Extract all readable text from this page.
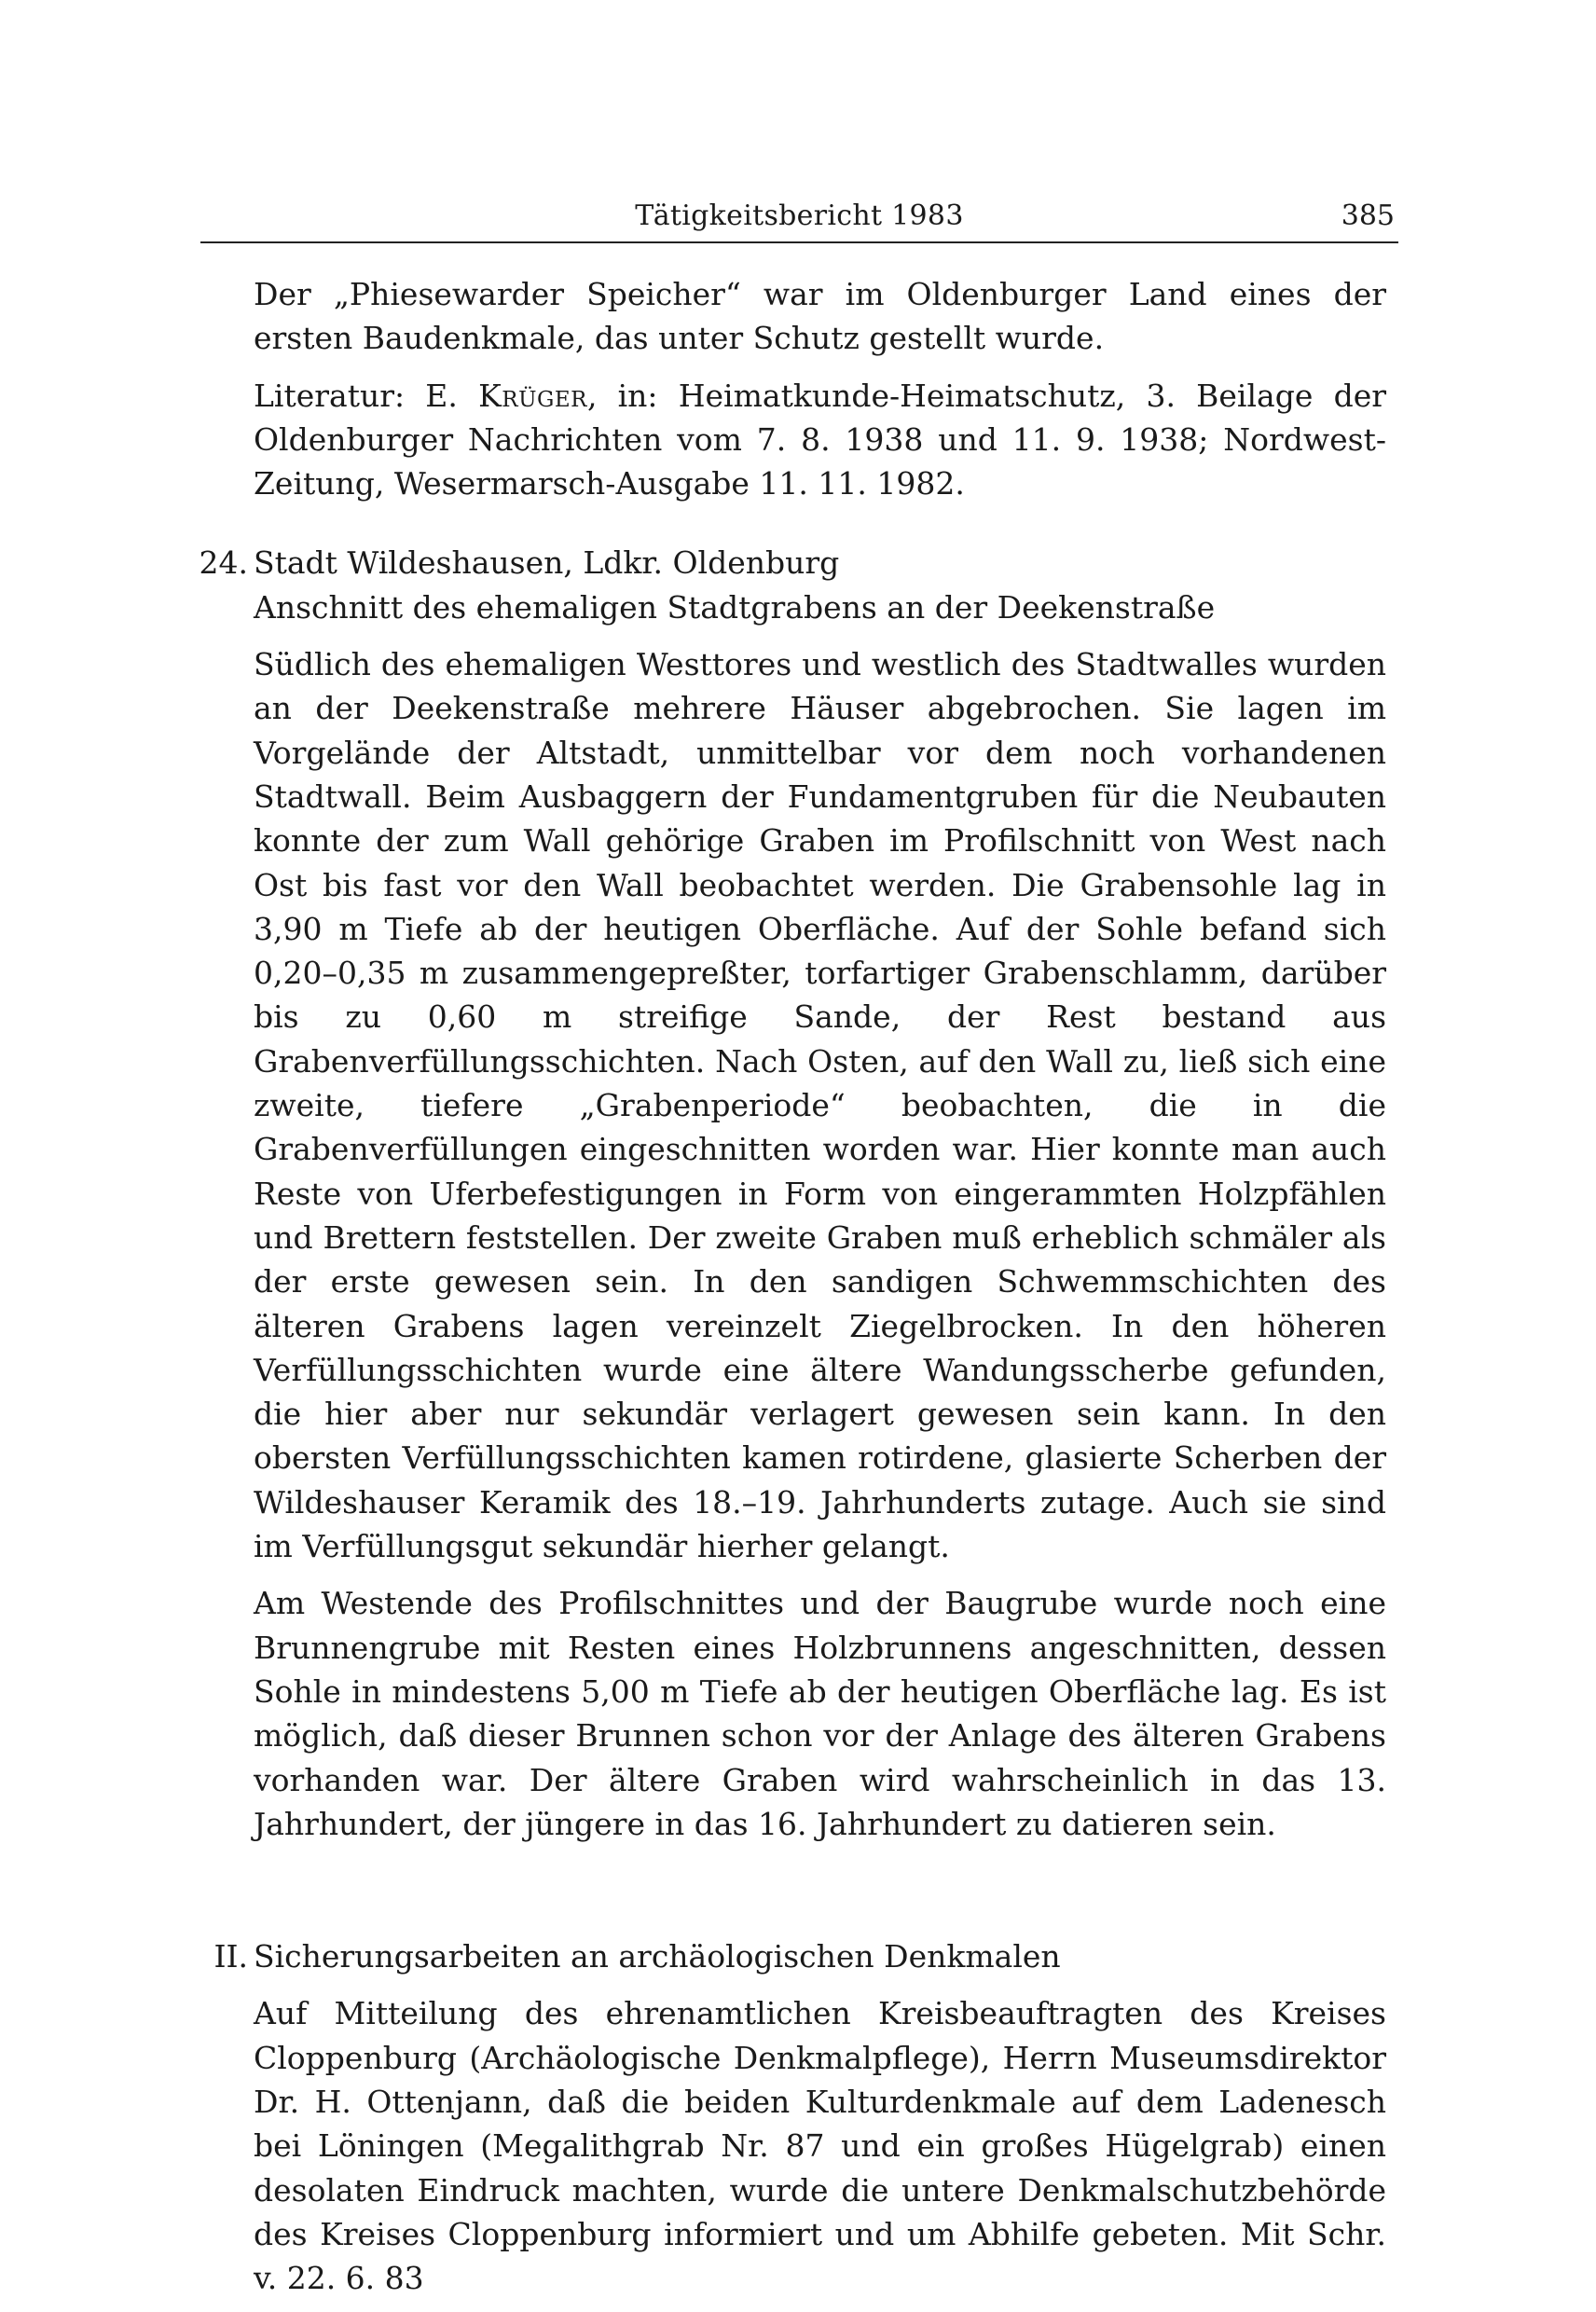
Tätigkeitsbericht 1983	385

Der „Phiesewarder Speicher“ war im Oldenburger Land eines der ersten Baudenkmale, das unter Schutz gestellt wurde.

Literatur: E. Krüger, in: Heimatkunde-Heimatschutz, 3. Beilage der Oldenburger Nachrichten vom 7. 8. 1938 und 11. 9. 1938; Nordwest-Zeitung, Wesermarsch-Ausgabe 11. 11. 1982.

24. Stadt Wildeshausen, Ldkr. Oldenburg
Anschnitt des ehemaligen Stadtgrabens an der Deekenstraße

Südlich des ehemaligen Westtores und westlich des Stadtwalles wurden an der Deekenstraße mehrere Häuser abgebrochen. Sie lagen im Vorgelände der Altstadt, unmittelbar vor dem noch vorhandenen Stadtwall. Beim Ausbaggern der Fundamentgruben für die Neubauten konnte der zum Wall gehörige Graben im Profilschnitt von West nach Ost bis fast vor den Wall beobachtet werden. Die Grabensohle lag in 3,90 m Tiefe ab der heutigen Oberfläche. Auf der Sohle befand sich 0,20–0,35 m zusammengepreßter, torfartiger Grabenschlamm, darüber bis zu 0,60 m streifige Sande, der Rest bestand aus Grabenverfüllungsschichten. Nach Osten, auf den Wall zu, ließ sich eine zweite, tiefere „Grabenperiode“ beobachten, die in die Grabenverfüllungen eingeschnitten worden war. Hier konnte man auch Reste von Uferbefestigungen in Form von eingerammten Holzpfählen und Brettern feststellen. Der zweite Graben muß erheblich schmäler als der erste gewesen sein. In den sandigen Schwemmschichten des älteren Grabens lagen vereinzelt Ziegelbrocken. In den höheren Verfüllungsschichten wurde eine ältere Wandungsscherbe gefunden, die hier aber nur sekundär verlagert gewesen sein kann. In den obersten Verfüllungsschichten kamen rotirdene, glasierte Scherben der Wildeshauser Keramik des 18.–19. Jahrhunderts zutage. Auch sie sind im Verfüllungsgut sekundär hierher gelangt.

Am Westende des Profilschnittes und der Baugrube wurde noch eine Brunnengrube mit Resten eines Holzbrunnens angeschnitten, dessen Sohle in mindestens 5,00 m Tiefe ab der heutigen Oberfläche lag. Es ist möglich, daß dieser Brunnen schon vor der Anlage des älteren Grabens vorhanden war. Der ältere Graben wird wahrscheinlich in das 13. Jahrhundert, der jüngere in das 16. Jahrhundert zu datieren sein.

II. Sicherungsarbeiten an archäologischen Denkmalen

Auf Mitteilung des ehrenamtlichen Kreisbeauftragten des Kreises Cloppenburg (Archäologische Denkmalpflege), Herrn Museumsdirektor Dr. H. Ottenjann, daß die beiden Kulturdenkmale auf dem Ladenesch bei Löningen (Megalithgrab Nr. 87 und ein großes Hügelgrab) einen desolaten Eindruck machten, wurde die untere Denkmalschutzbehörde des Kreises Cloppenburg informiert und um Abhilfe gebeten. Mit Schr. v. 22. 6. 83
